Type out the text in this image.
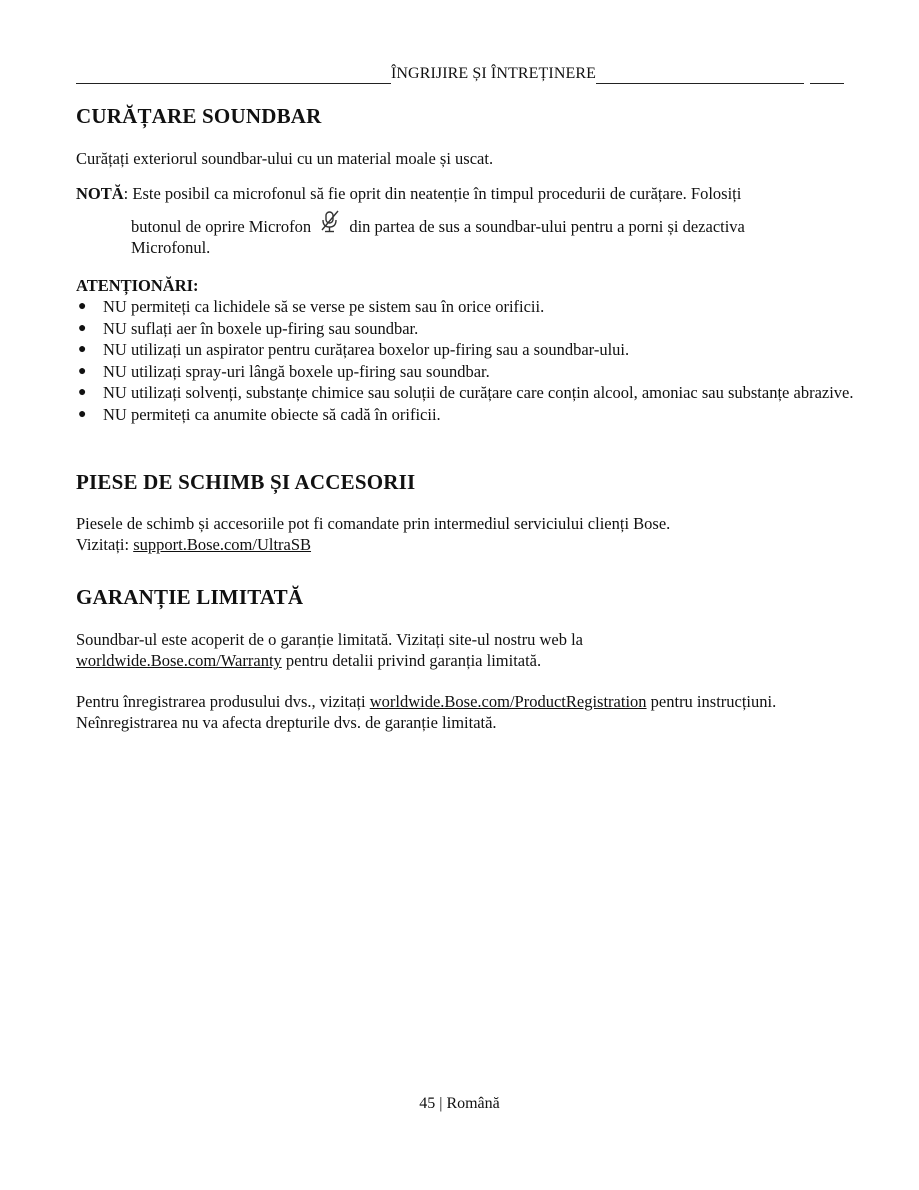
ÎNGRIJIRE ȘI ÎNTREȚINERE
CURĂȚARE SOUNDBAR

Curățați exteriorul soundbar-ului cu un material moale și uscat.

NOTĂ: Este posibil ca microfonul să fie oprit din neatenție în timpul procedurii de curățare. Folosiți

butonul de oprire Microfon din partea de sus a soundbar-ului pentru a porni și dezactiva
Microfonul.

ATENȚIONĂRI:
● NU permiteți ca lichidele să se verse pe sistem sau în orice orificii.
● NU suflați aer în boxele up-firing sau soundbar.
● NU utilizați un aspirator pentru curățarea boxelor up-firing sau a soundbar-ului.
● NU utilizați spray-uri lângă boxele up-firing sau soundbar.
● NU utilizați solvenți, substanțe chimice sau soluții de curățare care conțin alcool, amoniac sau substanțe abrazive.
● NU permiteți ca anumite obiecte să cadă în orificii.
PIESE DE SCHIMB ȘI ACCESORII

Piesele de schimb și accesoriile pot fi comandate prin intermediul serviciului clienți Bose.
Vizitați: support.Bose.com/UltraSB

GARANȚIE LIMITATĂ

Soundbar-ul este acoperit de o garanție limitată. Vizitați site-ul nostru web la
worldwide.Bose.com/Warranty pentru detalii privind garanția limitată.

Pentru înregistrarea produsului dvs., vizitați worldwide.Bose.com/ProductRegistration pentru instrucțiuni.
Neînregistrarea nu va afecta drepturile dvs. de garanție limitată.

45 | Română
